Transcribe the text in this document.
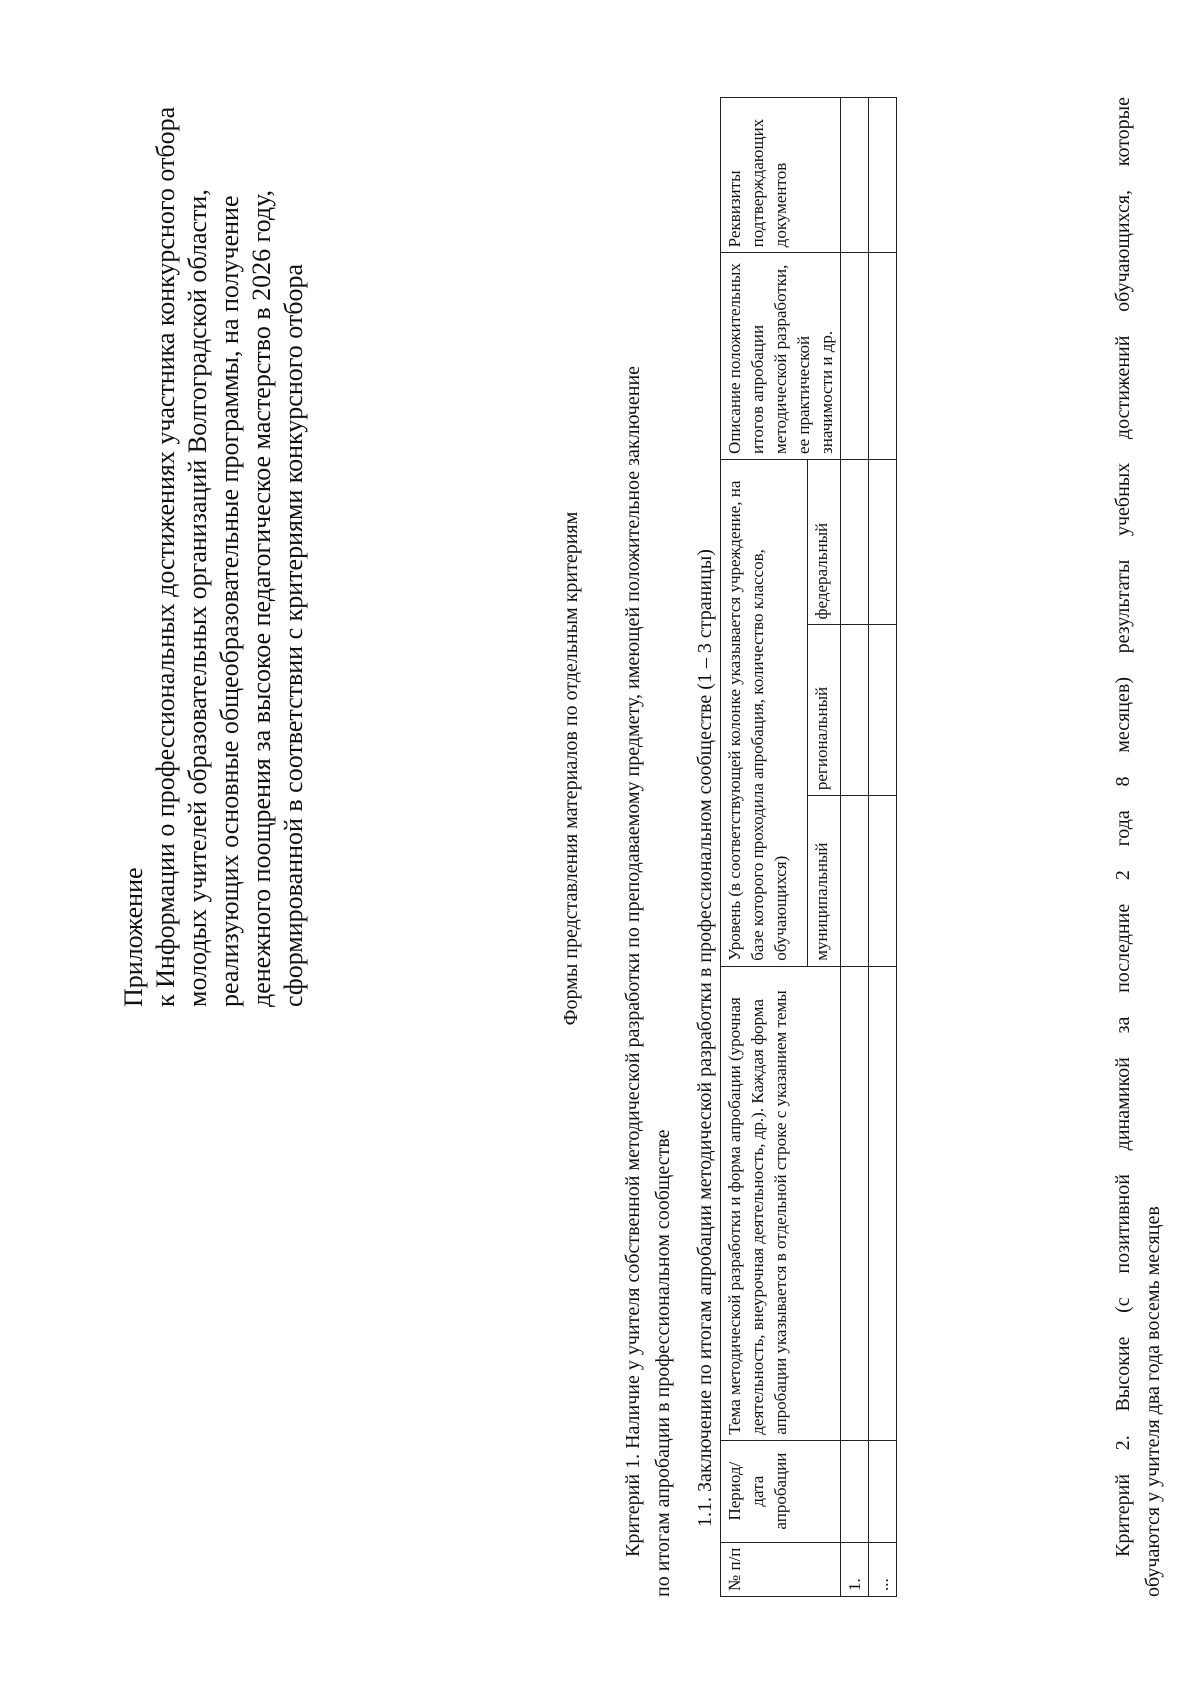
Приложение к Информации о профессиональных достижениях участника конкурсного отбора молодых учителей образовательных организаций Волгоградской области, реализующих основные общеобразовательные программы, на получение денежного поощрения за высокое педагогическое мастерство в 2026 году, сформированной в соответствии с критериями конкурсного отбора	Формы представления материалов по отдельным критериям Критерий 1. Наличие у учителя собственной методической разработки по преподаваемому предмету, имеющей положительное заключение по итогам апробации в профессиональном сообществе 1.1. Заключение по итогам апробации методической разработки в профессиональном сообществе (1 – 3 страницы)
№ п/п	Период/ дата апробации	Тема методической разработки и форма апробации (урочная деятельность, внеурочная деятельность, др.). Каждая форма апробации указывается в отдельной строке с указанием темы	Уровень (в соответствующей колонке указывается учреждение, на базе которого проходила апробация, количество классов, обучающихся)			Описание положительных итогов апробации методической разработки, ее практической значимости и др.	Реквизиты подтверждающих документов
			муниципальный	региональный	федеральный		
1.							
...							
Критерий 2. Высокие (с позитивной динамикой за последние 2 года 8 месяцев) результаты учебных достижений обучающихся, которые обучаются у учителя два года восемь месяцев
